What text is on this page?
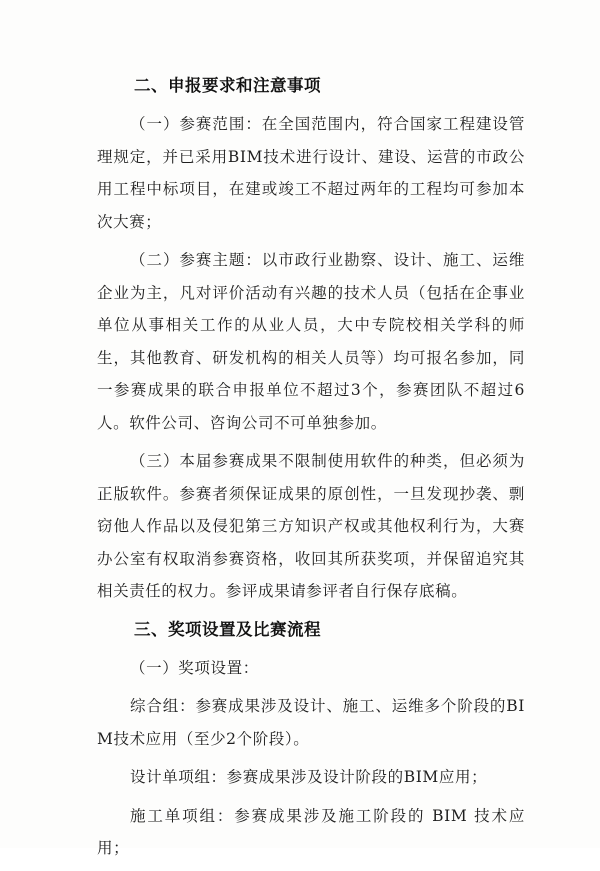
二、申报要求和注意事项

（一）参赛范围：在全国范围内，符合国家工程建设管理规定，并已采用BIM技术进行设计、建设、运营的市政公用工程中标项目，在建或竣工不超过两年的工程均可参加本次大赛；

（二）参赛主题：以市政行业勘察、设计、施工、运维企业为主，凡对评价活动有兴趣的技术人员（包括在企事业单位从事相关工作的从业人员，大中专院校相关学科的师生，其他教育、研发机构的相关人员等）均可报名参加，同一参赛成果的联合申报单位不超过3个，参赛团队不超过6人。软件公司、咨询公司不可单独参加。

（三）本届参赛成果不限制使用软件的种类，但必须为正版软件。参赛者须保证成果的原创性，一旦发现抄袭、剽窃他人作品以及侵犯第三方知识产权或其他权利行为，大赛办公室有权取消参赛资格，收回其所获奖项，并保留追究其相关责任的权力。参评成果请参评者自行保存底稿。

三、奖项设置及比赛流程

（一）奖项设置：

综合组：参赛成果涉及设计、施工、运维多个阶段的BIM技术应用（至少2个阶段）。

设计单项组：参赛成果涉及设计阶段的BIM应用；

施工单项组：参赛成果涉及施工阶段的 BIM 技术应用；
